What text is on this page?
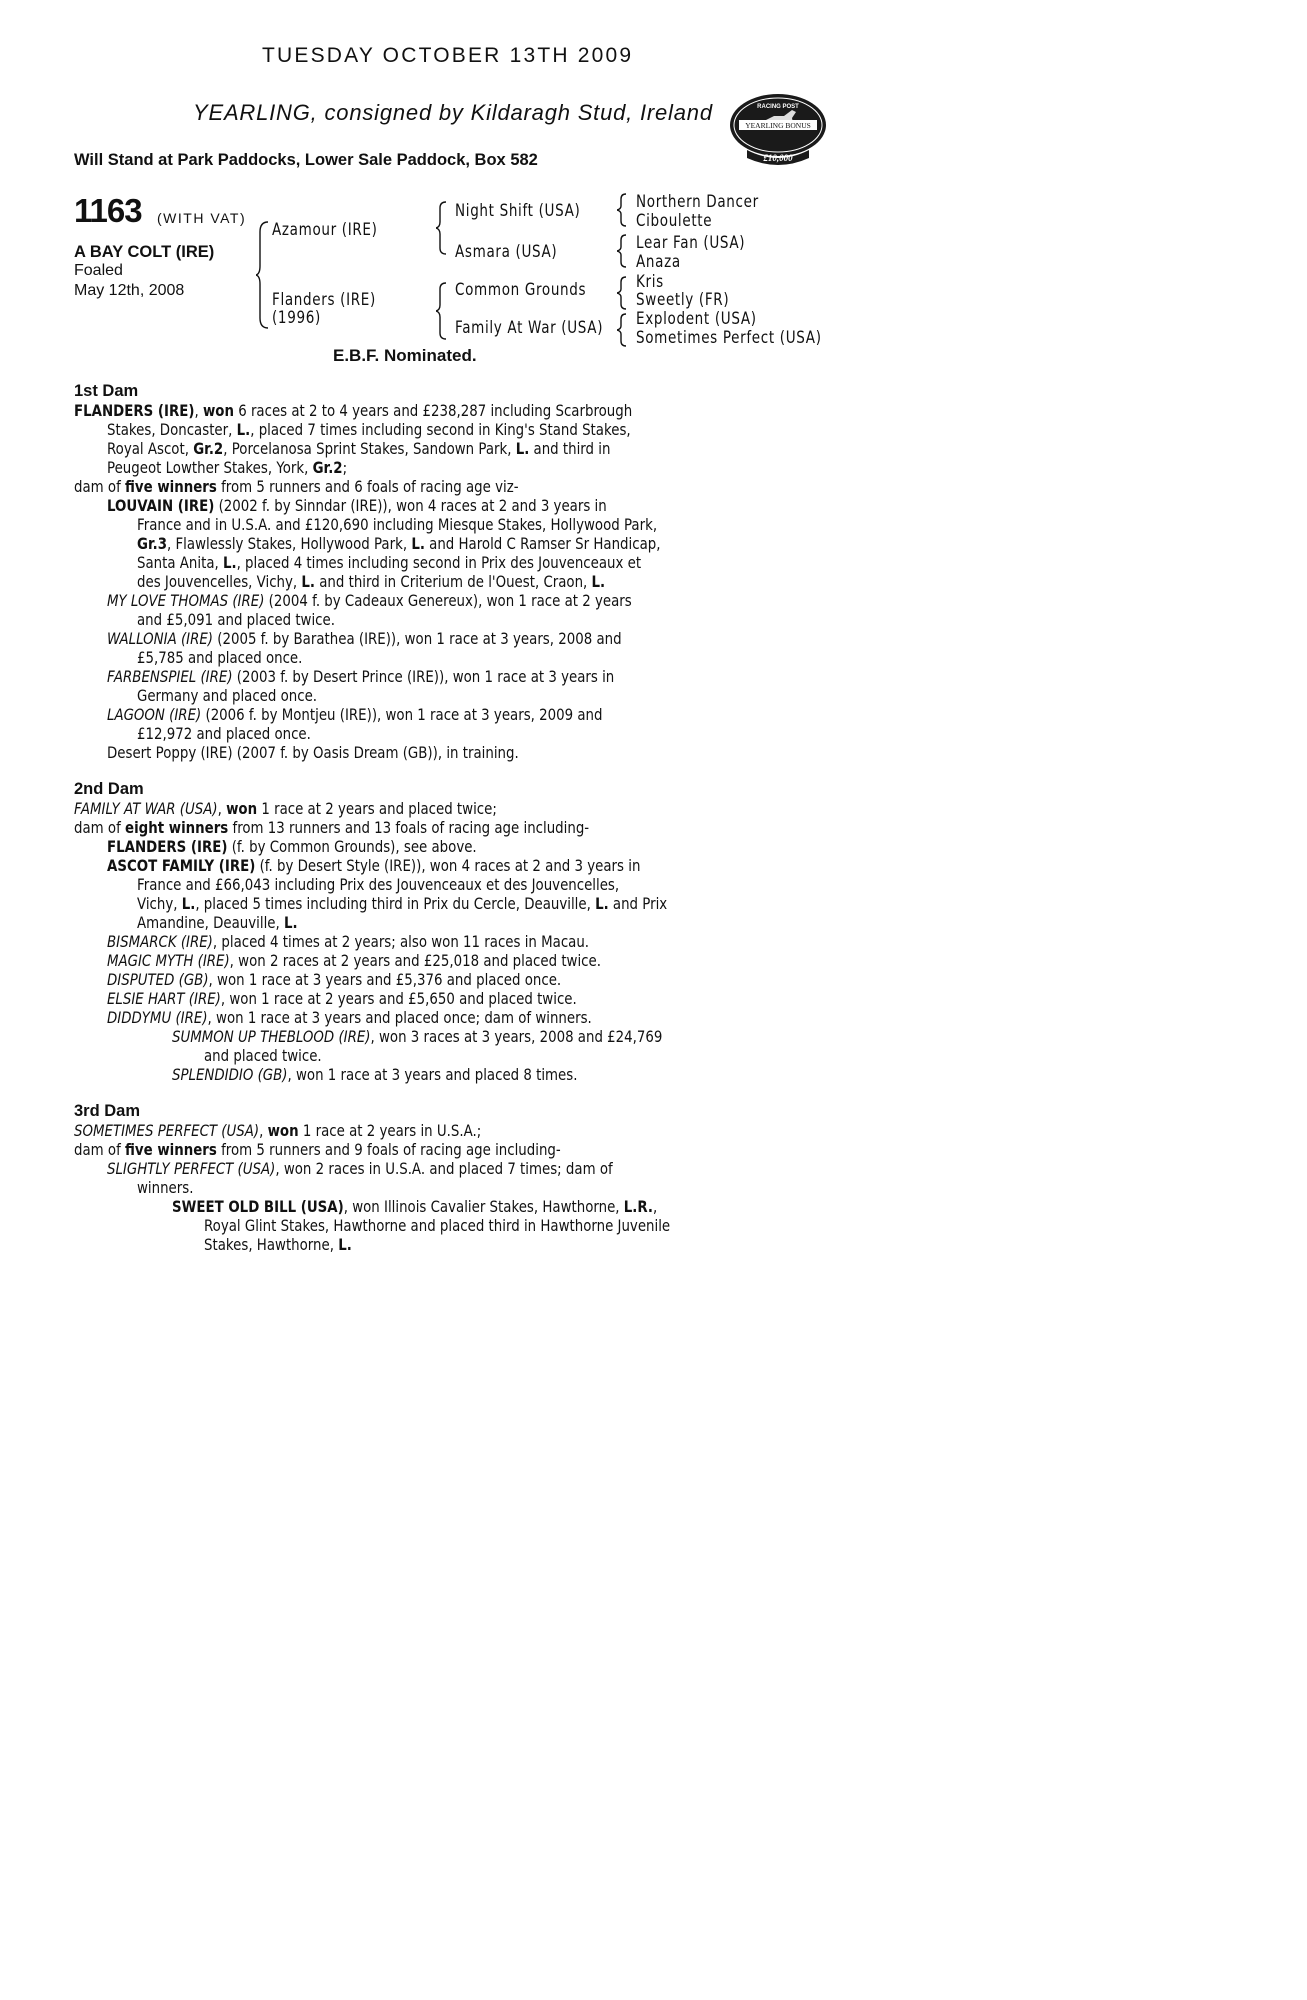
TUESDAY OCTOBER 13TH 2009
YEARLING, consigned by Kildaragh Stud, Ireland
Will Stand at Park Paddocks, Lower Sale Paddock, Box 582
YEARLING BONUS
RACING POST
£10,000
1163 (WITH VAT)
A BAY COLT (IRE)
Foaled
May 12th, 2008
Azamour (IRE)
Flanders (IRE)
(1996)
Night Shift (USA)
Asmara (USA)
Common Grounds
Family At War (USA)
Northern Dancer
Ciboulette
Lear Fan (USA)
Anaza
Kris
Sweetly (FR)
Explodent (USA)
Sometimes Perfect (USA)
E.B.F. Nominated.
1st Dam
FLANDERS (IRE), won 6 races at 2 to 4 years and £238,287 including Scarbrough
Stakes, Doncaster, L., placed 7 times including second in King's Stand Stakes,
Royal Ascot, Gr.2, Porcelanosa Sprint Stakes, Sandown Park, L. and third in
Peugeot Lowther Stakes, York, Gr.2;
dam of five winners from 5 runners and 6 foals of racing age viz-
LOUVAIN (IRE) (2002 f. by Sinndar (IRE)), won 4 races at 2 and 3 years in
France and in U.S.A. and £120,690 including Miesque Stakes, Hollywood Park,
Gr.3, Flawlessly Stakes, Hollywood Park, L. and Harold C Ramser Sr Handicap,
Santa Anita, L., placed 4 times including second in Prix des Jouvenceaux et
des Jouvencelles, Vichy, L. and third in Criterium de l'Ouest, Craon, L.
MY LOVE THOMAS (IRE) (2004 f. by Cadeaux Genereux), won 1 race at 2 years
and £5,091 and placed twice.
WALLONIA (IRE) (2005 f. by Barathea (IRE)), won 1 race at 3 years, 2008 and
£5,785 and placed once.
FARBENSPIEL (IRE) (2003 f. by Desert Prince (IRE)), won 1 race at 3 years in
Germany and placed once.
LAGOON (IRE) (2006 f. by Montjeu (IRE)), won 1 race at 3 years, 2009 and
£12,972 and placed once.
Desert Poppy (IRE) (2007 f. by Oasis Dream (GB)), in training.
2nd Dam
FAMILY AT WAR (USA), won 1 race at 2 years and placed twice;
dam of eight winners from 13 runners and 13 foals of racing age including-
FLANDERS (IRE) (f. by Common Grounds), see above.
ASCOT FAMILY (IRE) (f. by Desert Style (IRE)), won 4 races at 2 and 3 years in
France and £66,043 including Prix des Jouvenceaux et des Jouvencelles,
Vichy, L., placed 5 times including third in Prix du Cercle, Deauville, L. and Prix
Amandine, Deauville, L.
BISMARCK (IRE), placed 4 times at 2 years; also won 11 races in Macau.
MAGIC MYTH (IRE), won 2 races at 2 years and £25,018 and placed twice.
DISPUTED (GB), won 1 race at 3 years and £5,376 and placed once.
ELSIE HART (IRE), won 1 race at 2 years and £5,650 and placed twice.
DIDDYMU (IRE), won 1 race at 3 years and placed once; dam of winners.
SUMMON UP THEBLOOD (IRE), won 3 races at 3 years, 2008 and £24,769
and placed twice.
SPLENDIDIO (GB), won 1 race at 3 years and placed 8 times.
3rd Dam
SOMETIMES PERFECT (USA), won 1 race at 2 years in U.S.A.;
dam of five winners from 5 runners and 9 foals of racing age including-
SLIGHTLY PERFECT (USA), won 2 races in U.S.A. and placed 7 times; dam of
winners.
SWEET OLD BILL (USA), won Illinois Cavalier Stakes, Hawthorne, L.R.,
Royal Glint Stakes, Hawthorne and placed third in Hawthorne Juvenile
Stakes, Hawthorne, L.
